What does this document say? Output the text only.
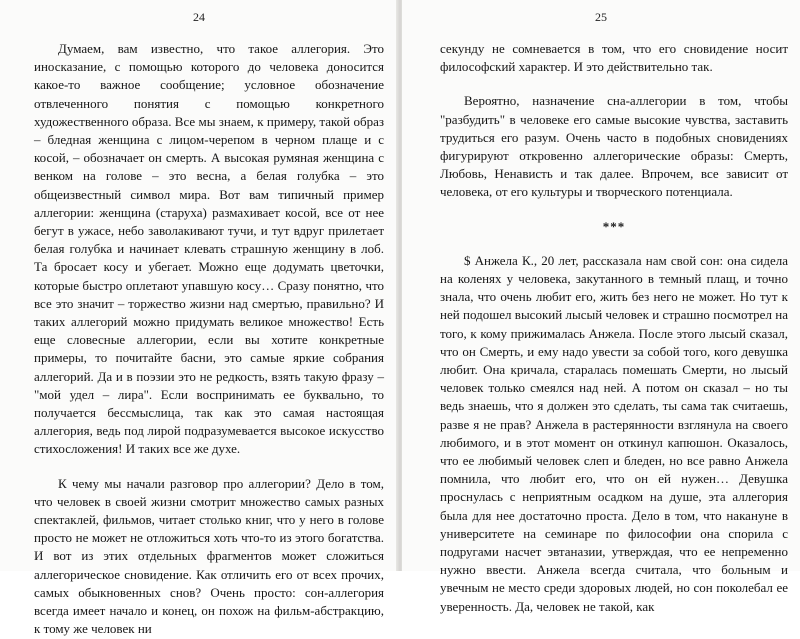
24

Думаем, вам известно, что такое аллегория. Это иносказание, с помощью которого до человека доносится какое-то важное сообщение; условное обозначение отвлеченного понятия с помощью конкретного художественного образа. Все мы знаем, к примеру, такой образ – бледная женщина с лицом-черепом в черном плаще и с косой, – обозначает он смерть. А высокая румяная женщина с венком на голове – это весна, а белая голубка – это общеизвестный символ мира. Вот вам типичный пример аллегории: женщина (старуха) размахивает косой, все от нее бегут в ужасе, небо заволакивают тучи, и тут вдруг прилетает белая голубка и начинает клевать страшную женщину в лоб. Та бросает косу и убегает. Можно еще додумать цветочки, которые быстро оплетают упавшую косу… Сразу понятно, что все это значит – торжество жизни над смертью, правильно? И таких аллегорий можно придумать великое множество! Есть еще словесные аллегории, если вы хотите конкретные примеры, то почитайте басни, это самые яркие собрания аллегорий. Да и в поэзии это не редкость, взять такую фразу – "мой удел – лира". Если воспринимать ее буквально, то получается бессмыслица, так как это самая настоящая аллегория, ведь под лирой подразумевается высокое искусство стихосложения! И таких все же духе.

К чему мы начали разговор про аллегории? Дело в том, что человек в своей жизни смотрит множество самых разных спектаклей, фильмов, читает столько книг, что у него в голове просто не может не отложиться хоть что-то из этого богатства. И вот из этих отдельных фрагментов может сложиться аллегорическое сновидение. Как отличить его от всех прочих, самых обыкновенных снов? Очень просто: сон-аллегория всегда имеет начало и конец, он похож на фильм-абстракцию, к тому же человек ни

25

секунду не сомневается в том, что его сновидение носит философский характер. И это действительно так.

Вероятно, назначение сна-аллегории в том, чтобы "разбудить" в человеке его самые высокие чувства, заставить трудиться его разум. Очень часто в подобных сновидениях фигурируют откровенно аллегорические образы: Смерть, Любовь, Ненависть и так далее. Впрочем, все зависит от человека, от его культуры и творческого потенциала.

***

$ Анжела К., 20 лет, рассказала нам свой сон: она сидела на коленях у человека, закутанного в темный плащ, и точно знала, что очень любит его, жить без него не может. Но тут к ней подошел высокий лысый человек и страшно посмотрел на того, к кому прижималась Анжела. После этого лысый сказал, что он Смерть, и ему надо увести за собой того, кого девушка любит. Она кричала, старалась помешать Смерти, но лысый человек только смеялся над ней. А потом он сказал – но ты ведь знаешь, что я должен это сделать, ты сама так считаешь, разве я не прав? Анжела в растерянности взглянула на своего любимого, и в этот момент он откинул капюшон. Оказалось, что ее любимый человек слеп и бледен, но все равно Анжела помнила, что любит его, что он ей нужен… Девушка проснулась с неприятным осадком на душе, эта аллегория была для нее достаточно проста. Дело в том, что накануне в университете на семинаре по философии она спорила с подругами насчет эвтаназии, утверждая, что ее непременно нужно ввести. Анжела всегда считала, что больным и увечным не место среди здоровых людей, но сон поколебал ее уверенность. Да, человек не такой, как
